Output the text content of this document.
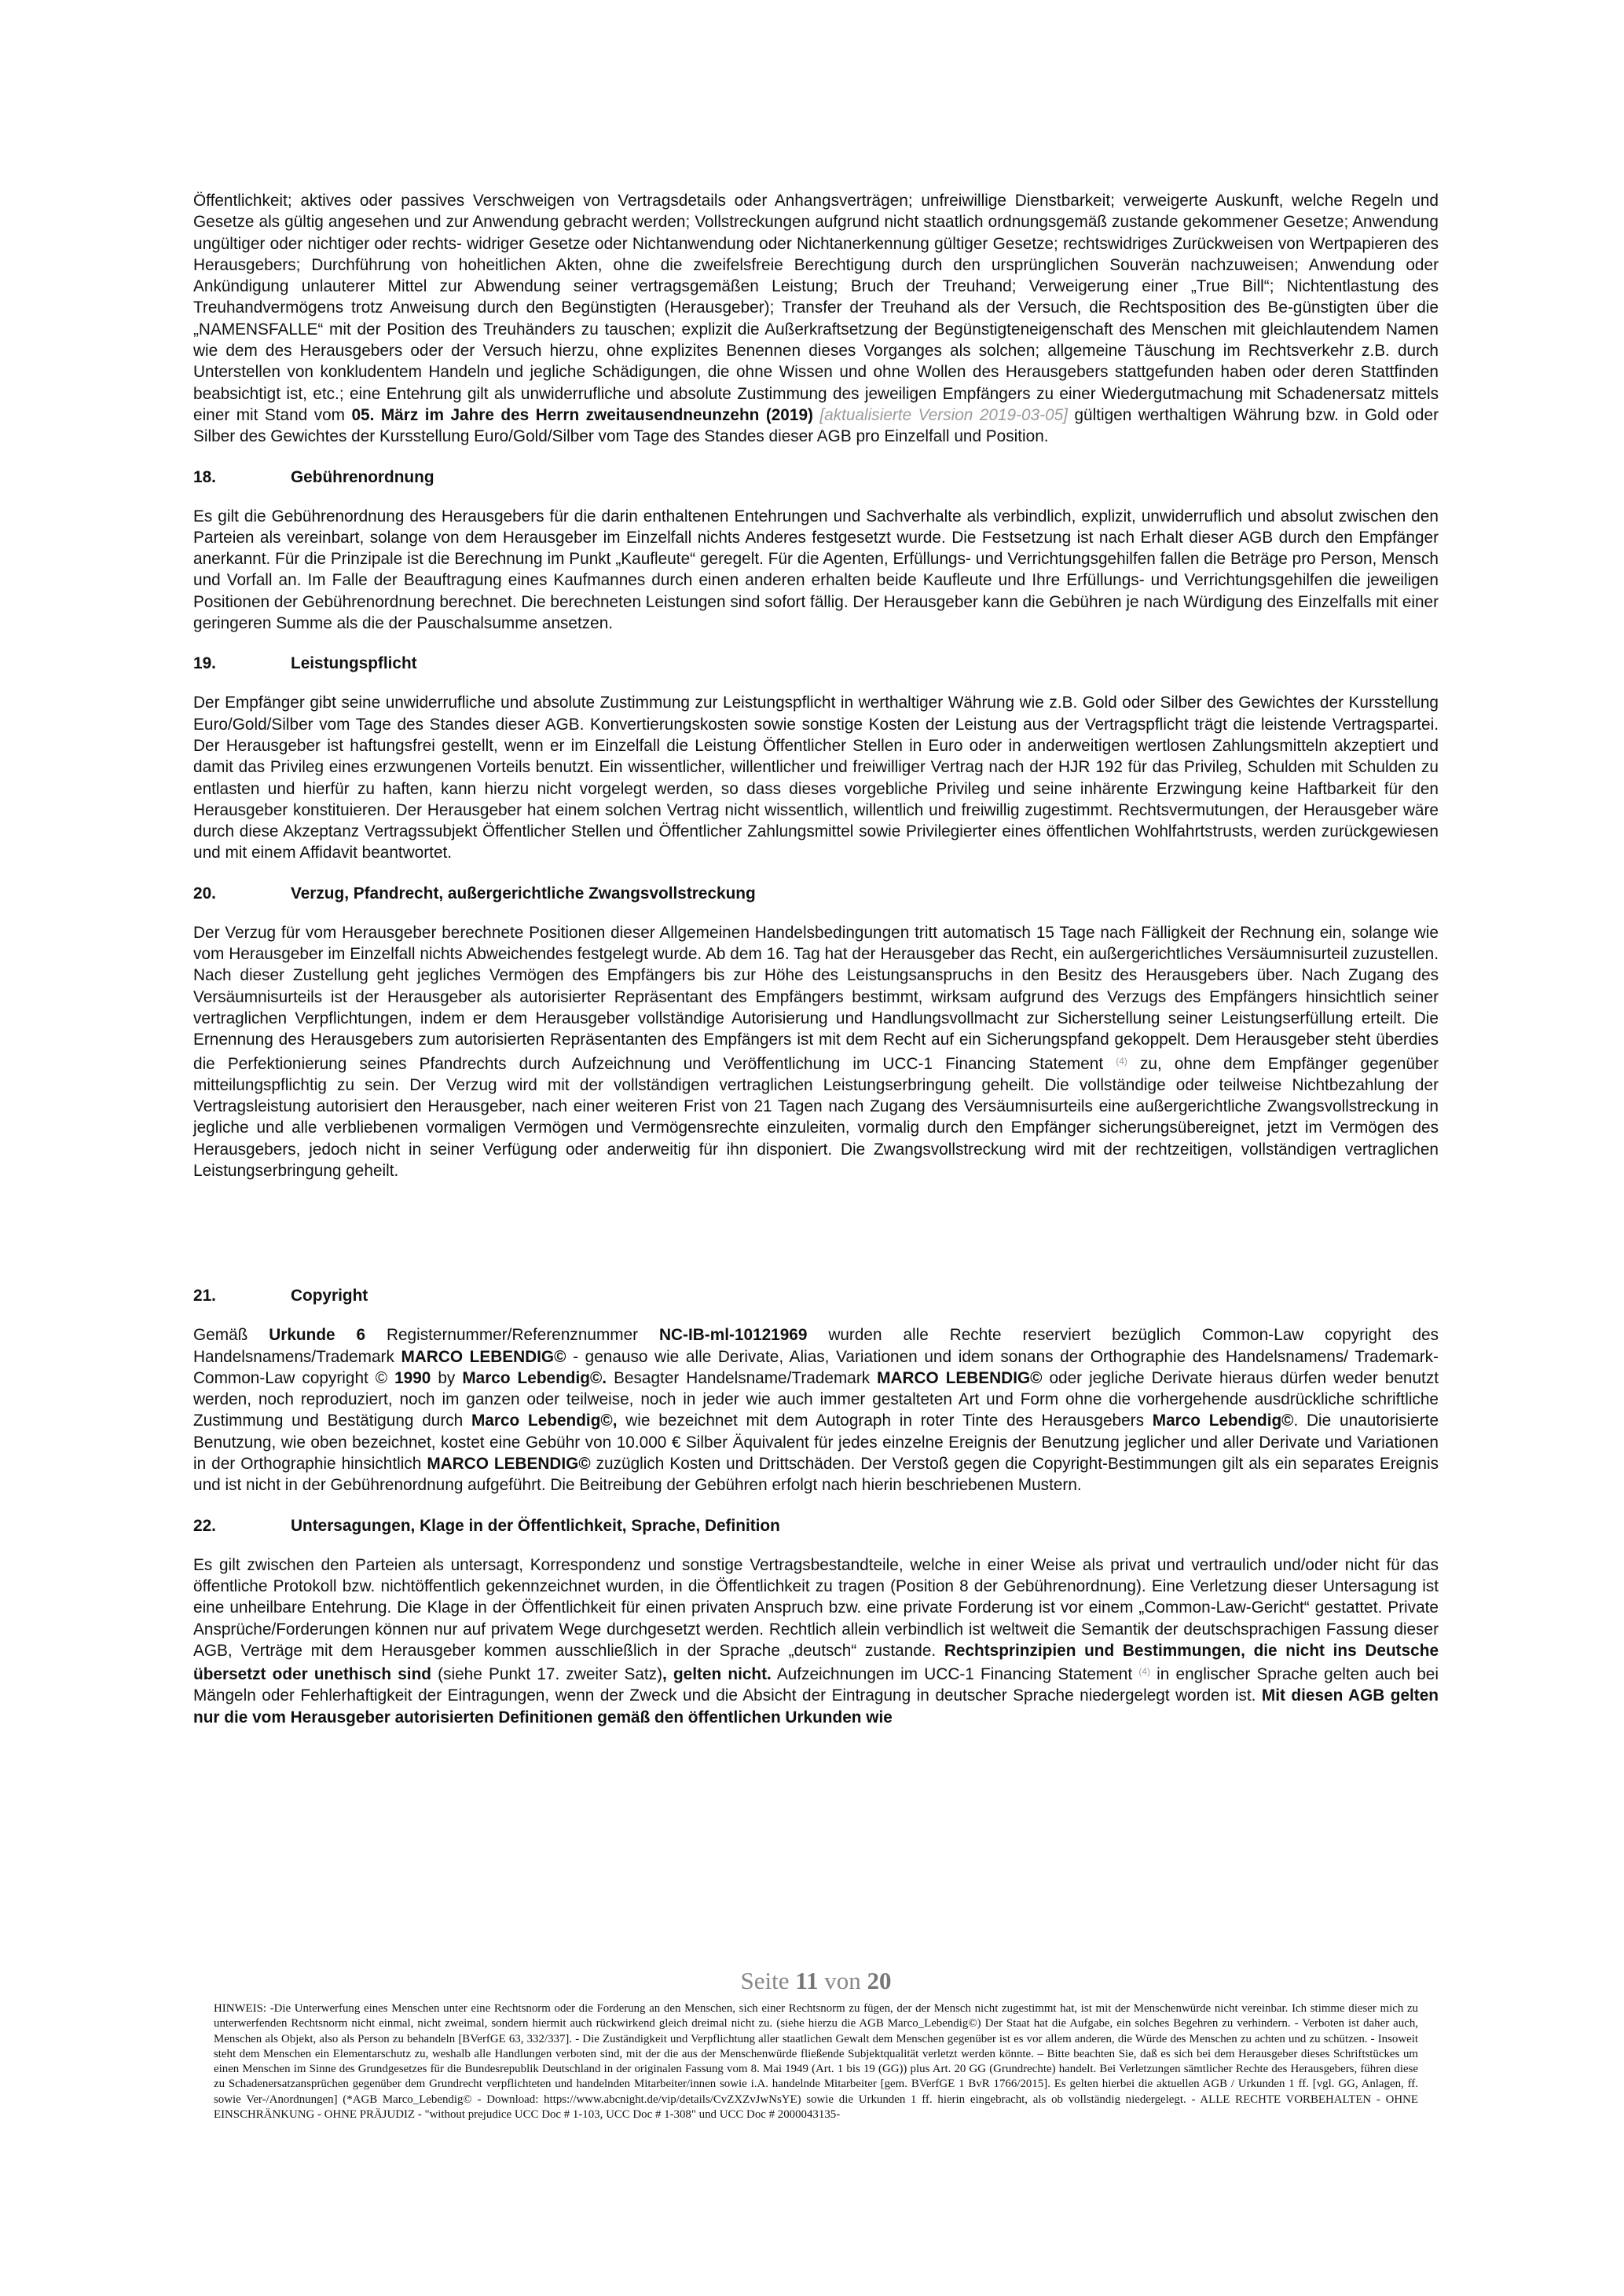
Öffentlichkeit; aktives oder passives Verschweigen von Vertragsdetails oder Anhangsverträgen; unfreiwillige Dienstbarkeit; verweigerte Auskunft, welche Regeln und Gesetze als gültig angesehen und zur Anwendung gebracht werden; Vollstreckungen aufgrund nicht staatlich ordnungsgemäß zustande gekommener Gesetze; Anwendung ungültiger oder nichtiger oder rechts- widriger Gesetze oder Nichtanwendung oder Nichtanerkennung gültiger Gesetze; rechtswidriges Zurückweisen von Wertpapieren des Herausgebers; Durchführung von hoheitlichen Akten, ohne die zweifelsfreie Berechtigung durch den ursprünglichen Souverän nachzuweisen; Anwendung oder Ankündigung unlauterer Mittel zur Abwendung seiner vertragsgemäßen Leistung; Bruch der Treuhand; Verweigerung einer „True Bill“; Nichtentlastung des Treuhandvermögens trotz Anweisung durch den Begünstigten (Herausgeber); Transfer der Treuhand als der Versuch, die Rechtsposition des Be-günstigten über die „NAMENSFALLE“ mit der Position des Treuhänders zu tauschen; explizit die Außerkraftsetzung der Begünstigteneigenschaft des Menschen mit gleichlautendem Namen wie dem des Herausgebers oder der Versuch hierzu, ohne explizites Benennen dieses Vorganges als solchen; allgemeine Täuschung im Rechtsverkehr z.B. durch Unterstellen von konkludentem Handeln und jegliche Schädigungen, die ohne Wissen und ohne Wollen des Herausgebers stattgefunden haben oder deren Stattfinden beabsichtigt ist, etc.; eine Entehrung gilt als unwiderrufliche und absolute Zustimmung des jeweiligen Empfängers zu einer Wiedergutmachung mit Schadenersatz mittels einer mit Stand vom 05. März im Jahre des Herrn zweitausendneunzehn (2019) [aktualisierte Version 2019-03-05] gültigen werthaltigen Währung bzw. in Gold oder Silber des Gewichtes der Kursstellung Euro/Gold/Silber vom Tage des Standes dieser AGB pro Einzelfall und Position.

18.	Gebührenordnung

Es gilt die Gebührenordnung des Herausgebers für die darin enthaltenen Entehrungen und Sachverhalte als verbindlich, explizit, unwiderruflich und absolut zwischen den Parteien als vereinbart, solange von dem Herausgeber im Einzelfall nichts Anderes festgesetzt wurde. Die Festsetzung ist nach Erhalt dieser AGB durch den Empfänger anerkannt. Für die Prinzipale ist die Berechnung im Punkt „Kaufleute“ geregelt. Für die Agenten, Erfüllungs- und Verrichtungsgehilfen fallen die Beträge pro Person, Mensch und Vorfall an. Im Falle der Beauftragung eines Kaufmannes durch einen anderen erhalten beide Kaufleute und Ihre Erfüllungs- und Verrichtungsgehilfen die jeweiligen Positionen der Gebührenordnung berechnet. Die berechneten Leistungen sind sofort fällig. Der Herausgeber kann die Gebühren je nach Würdigung des Einzelfalls mit einer geringeren Summe als die der Pauschalsumme ansetzen.

19.	Leistungspflicht

Der Empfänger gibt seine unwiderrufliche und absolute Zustimmung zur Leistungspflicht in werthaltiger Währung wie z.B. Gold oder Silber des Gewichtes der Kursstellung Euro/Gold/Silber vom Tage des Standes dieser AGB. Konvertierungskosten sowie sonstige Kosten der Leistung aus der Vertragspflicht trägt die leistende Vertragspartei. Der Herausgeber ist haftungsfrei gestellt, wenn er im Einzelfall die Leistung Öffentlicher Stellen in Euro oder in anderweitigen wertlosen Zahlungsmitteln akzeptiert und damit das Privileg eines erzwungenen Vorteils benutzt. Ein wissentlicher, willentlicher und freiwilliger Vertrag nach der HJR 192 für das Privileg, Schulden mit Schulden zu entlasten und hierfür zu haften, kann hierzu nicht vorgelegt werden, so dass dieses vorgebliche Privileg und seine inhärente Erzwingung keine Haftbarkeit für den Herausgeber konstituieren. Der Herausgeber hat einem solchen Vertrag nicht wissentlich, willentlich und freiwillig zugestimmt. Rechtsvermutungen, der Herausgeber wäre durch diese Akzeptanz Vertragssubjekt Öffentlicher Stellen und Öffentlicher Zahlungsmittel sowie Privilegierter eines öffentlichen Wohlfahrtstrusts, werden zurückgewiesen und mit einem Affidavit beantwortet.

20.	Verzug, Pfandrecht, außergerichtliche Zwangsvollstreckung

Der Verzug für vom Herausgeber berechnete Positionen dieser Allgemeinen Handelsbedingungen tritt automatisch 15 Tage nach Fälligkeit der Rechnung ein, solange wie vom Herausgeber im Einzelfall nichts Abweichendes festgelegt wurde. Ab dem 16. Tag hat der Herausgeber das Recht, ein außergerichtliches Versäumnisurteil zuzustellen. Nach dieser Zustellung geht jegliches Vermögen des Empfängers bis zur Höhe des Leistungsanspruchs in den Besitz des Herausgebers über. Nach Zugang des Versäumnisurteils ist der Herausgeber als autorisierter Repräsentant des Empfängers bestimmt, wirksam aufgrund des Verzugs des Empfängers hinsichtlich seiner vertraglichen Verpflichtungen, indem er dem Herausgeber vollständige Autorisierung und Handlungsvollmacht zur Sicherstellung seiner Leistungserfüllung erteilt. Die Ernennung des Herausgebers zum autorisierten Repräsentanten des Empfängers ist mit dem Recht auf ein Sicherungspfand gekoppelt. Dem Herausgeber steht überdies die Perfektionierung seines Pfandrechts durch Aufzeichnung und Veröffentlichung im UCC-1 Financing Statement $^{(4)}$ zu, ohne dem Empfänger gegenüber mitteilungspflichtig zu sein. Der Verzug wird mit der vollständigen vertraglichen Leistungserbringung geheilt. Die vollständige oder teilweise Nichtbezahlung der Vertragsleistung autorisiert den Herausgeber, nach einer weiteren Frist von 21 Tagen nach Zugang des Versäumnisurteils eine außergerichtliche Zwangsvollstreckung in jegliche und alle verbliebenen vormaligen Vermögen und Vermögensrechte einzuleiten, vormalig durch den Empfänger sicherungsübereignet, jetzt im Vermögen des Herausgebers, jedoch nicht in seiner Verfügung oder anderweitig für ihn disponiert. Die Zwangsvollstreckung wird mit der rechtzeitigen, vollständigen vertraglichen Leistungserbringung geheilt.

21.	Copyright

Gemäß Urkunde 6 Registernummer/Referenznummer NC-IB-ml-10121969 wurden alle Rechte reserviert bezüglich Common-Law copyright des Handelsnamens/Trademark MARCO LEBENDIG© - genauso wie alle Derivate, Alias, Variationen und idem sonans der Orthographie des Handelsnamens/ Trademark-Common-Law copyright © 1990 by Marco Lebendig©. Besagter Handelsname/Trademark MARCO LEBENDIG© oder jegliche Derivate hieraus dürfen weder benutzt werden, noch reproduziert, noch im ganzen oder teilweise, noch in jeder wie auch immer gestalteten Art und Form ohne die vorhergehende ausdrückliche schriftliche Zustimmung und Bestätigung durch Marco Lebendig©, wie bezeichnet mit dem Autograph in roter Tinte des Herausgebers Marco Lebendig©. Die unautorisierte Benutzung, wie oben bezeichnet, kostet eine Gebühr von 10.000 € Silber Äquivalent für jedes einzelne Ereignis der Benutzung jeglicher und aller Derivate und Variationen in der Orthographie hinsichtlich MARCO LEBENDIG© zuzüglich Kosten und Drittschäden. Der Verstoß gegen die Copyright-Bestimmungen gilt als ein separates Ereignis und ist nicht in der Gebührenordnung aufgeführt. Die Beitreibung der Gebühren erfolgt nach hierin beschriebenen Mustern.

22.	Untersagungen, Klage in der Öffentlichkeit, Sprache, Definition

Es gilt zwischen den Parteien als untersagt, Korrespondenz und sonstige Vertragsbestandteile, welche in einer Weise als privat und vertraulich und/oder nicht für das öffentliche Protokoll bzw. nichtöffentlich gekennzeichnet wurden, in die Öffentlichkeit zu tragen (Position 8 der Gebührenordnung). Eine Verletzung dieser Untersagung ist eine unheilbare Entehrung. Die Klage in der Öffentlichkeit für einen privaten Anspruch bzw. eine private Forderung ist vor einem „Common-Law-Gericht“ gestattet. Private Ansprüche/Forderungen können nur auf privatem Wege durchgesetzt werden. Rechtlich allein verbindlich ist weltweit die Semantik der deutschsprachigen Fassung dieser AGB, Verträge mit dem Herausgeber kommen ausschließlich in der Sprache „deutsch“ zustande. Rechtsprinzipien und Bestimmungen, die nicht ins Deutsche übersetzt oder unethisch sind (siehe Punkt 17. zweiter Satz), gelten nicht. Aufzeichnungen im UCC-1 Financing Statement $^{(4)}$ in englischer Sprache gelten auch bei Mängeln oder Fehlerhaftigkeit der Eintragungen, wenn der Zweck und die Absicht der Eintragung in deutscher Sprache niedergelegt worden ist. Mit diesen AGB gelten nur die vom Herausgeber autorisierten Definitionen gemäß den öffentlichen Urkunden wie

Seite 11 von 20

HINWEIS: -Die Unterwerfung eines Menschen unter eine Rechtsnorm oder die Forderung an den Menschen, sich einer Rechtsnorm zu fügen, der der Mensch nicht zugestimmt hat, ist mit der Menschenwürde nicht vereinbar. Ich stimme dieser mich zu unterwerfenden Rechtsnorm nicht einmal, nicht zweimal, sondern hiermit auch rückwirkend gleich dreimal nicht zu. (siehe hierzu die AGB Marco_Lebendig©) Der Staat hat die Aufgabe, ein solches Begehren zu verhindern. - Verboten ist daher auch, Menschen als Objekt, also als Person zu behandeln [BVerfGE 63, 332/337]. - Die Zuständigkeit und Verpflichtung aller staatlichen Gewalt dem Menschen gegenüber ist es vor allem anderen, die Würde des Menschen zu achten und zu schützen. - Insoweit steht dem Menschen ein Elementarschutz zu, weshalb alle Handlungen verboten sind, mit der die aus der Menschenwürde fließende Subjektqualität verletzt werden könnte. – Bitte beachten Sie, daß es sich bei dem Herausgeber dieses Schriftstückes um einen Menschen im Sinne des Grundgesetzes für die Bundesrepublik Deutschland in der originalen Fassung vom 8. Mai 1949 (Art. 1 bis 19 (GG)) plus Art. 20 GG (Grundrechte) handelt. Bei Verletzungen sämtlicher Rechte des Herausgebers, führen diese zu Schadenersatzansprüchen gegenüber dem Grundrecht verpflichteten und handelnden Mitarbeiter/innen sowie i.A. handelnde Mitarbeiter [gem. BVerfGE 1 BvR 1766/2015]. Es gelten hierbei die aktuellen AGB / Urkunden 1 ff. [vgl. GG, Anlagen, ff. sowie Ver-/Anordnungen] (*AGB Marco_Lebendig© - Download: https://www.abcnight.de/vip/details/CvZXZvJwNsYE) sowie die Urkunden 1 ff. hierin eingebracht, als ob vollständig niedergelegt. - ALLE RECHTE VORBEHALTEN - OHNE EINSCHRÄNKUNG - OHNE PRÄJUDIZ - "without prejudice UCC Doc # 1-103, UCC Doc # 1-308" und UCC Doc # 2000043135-
